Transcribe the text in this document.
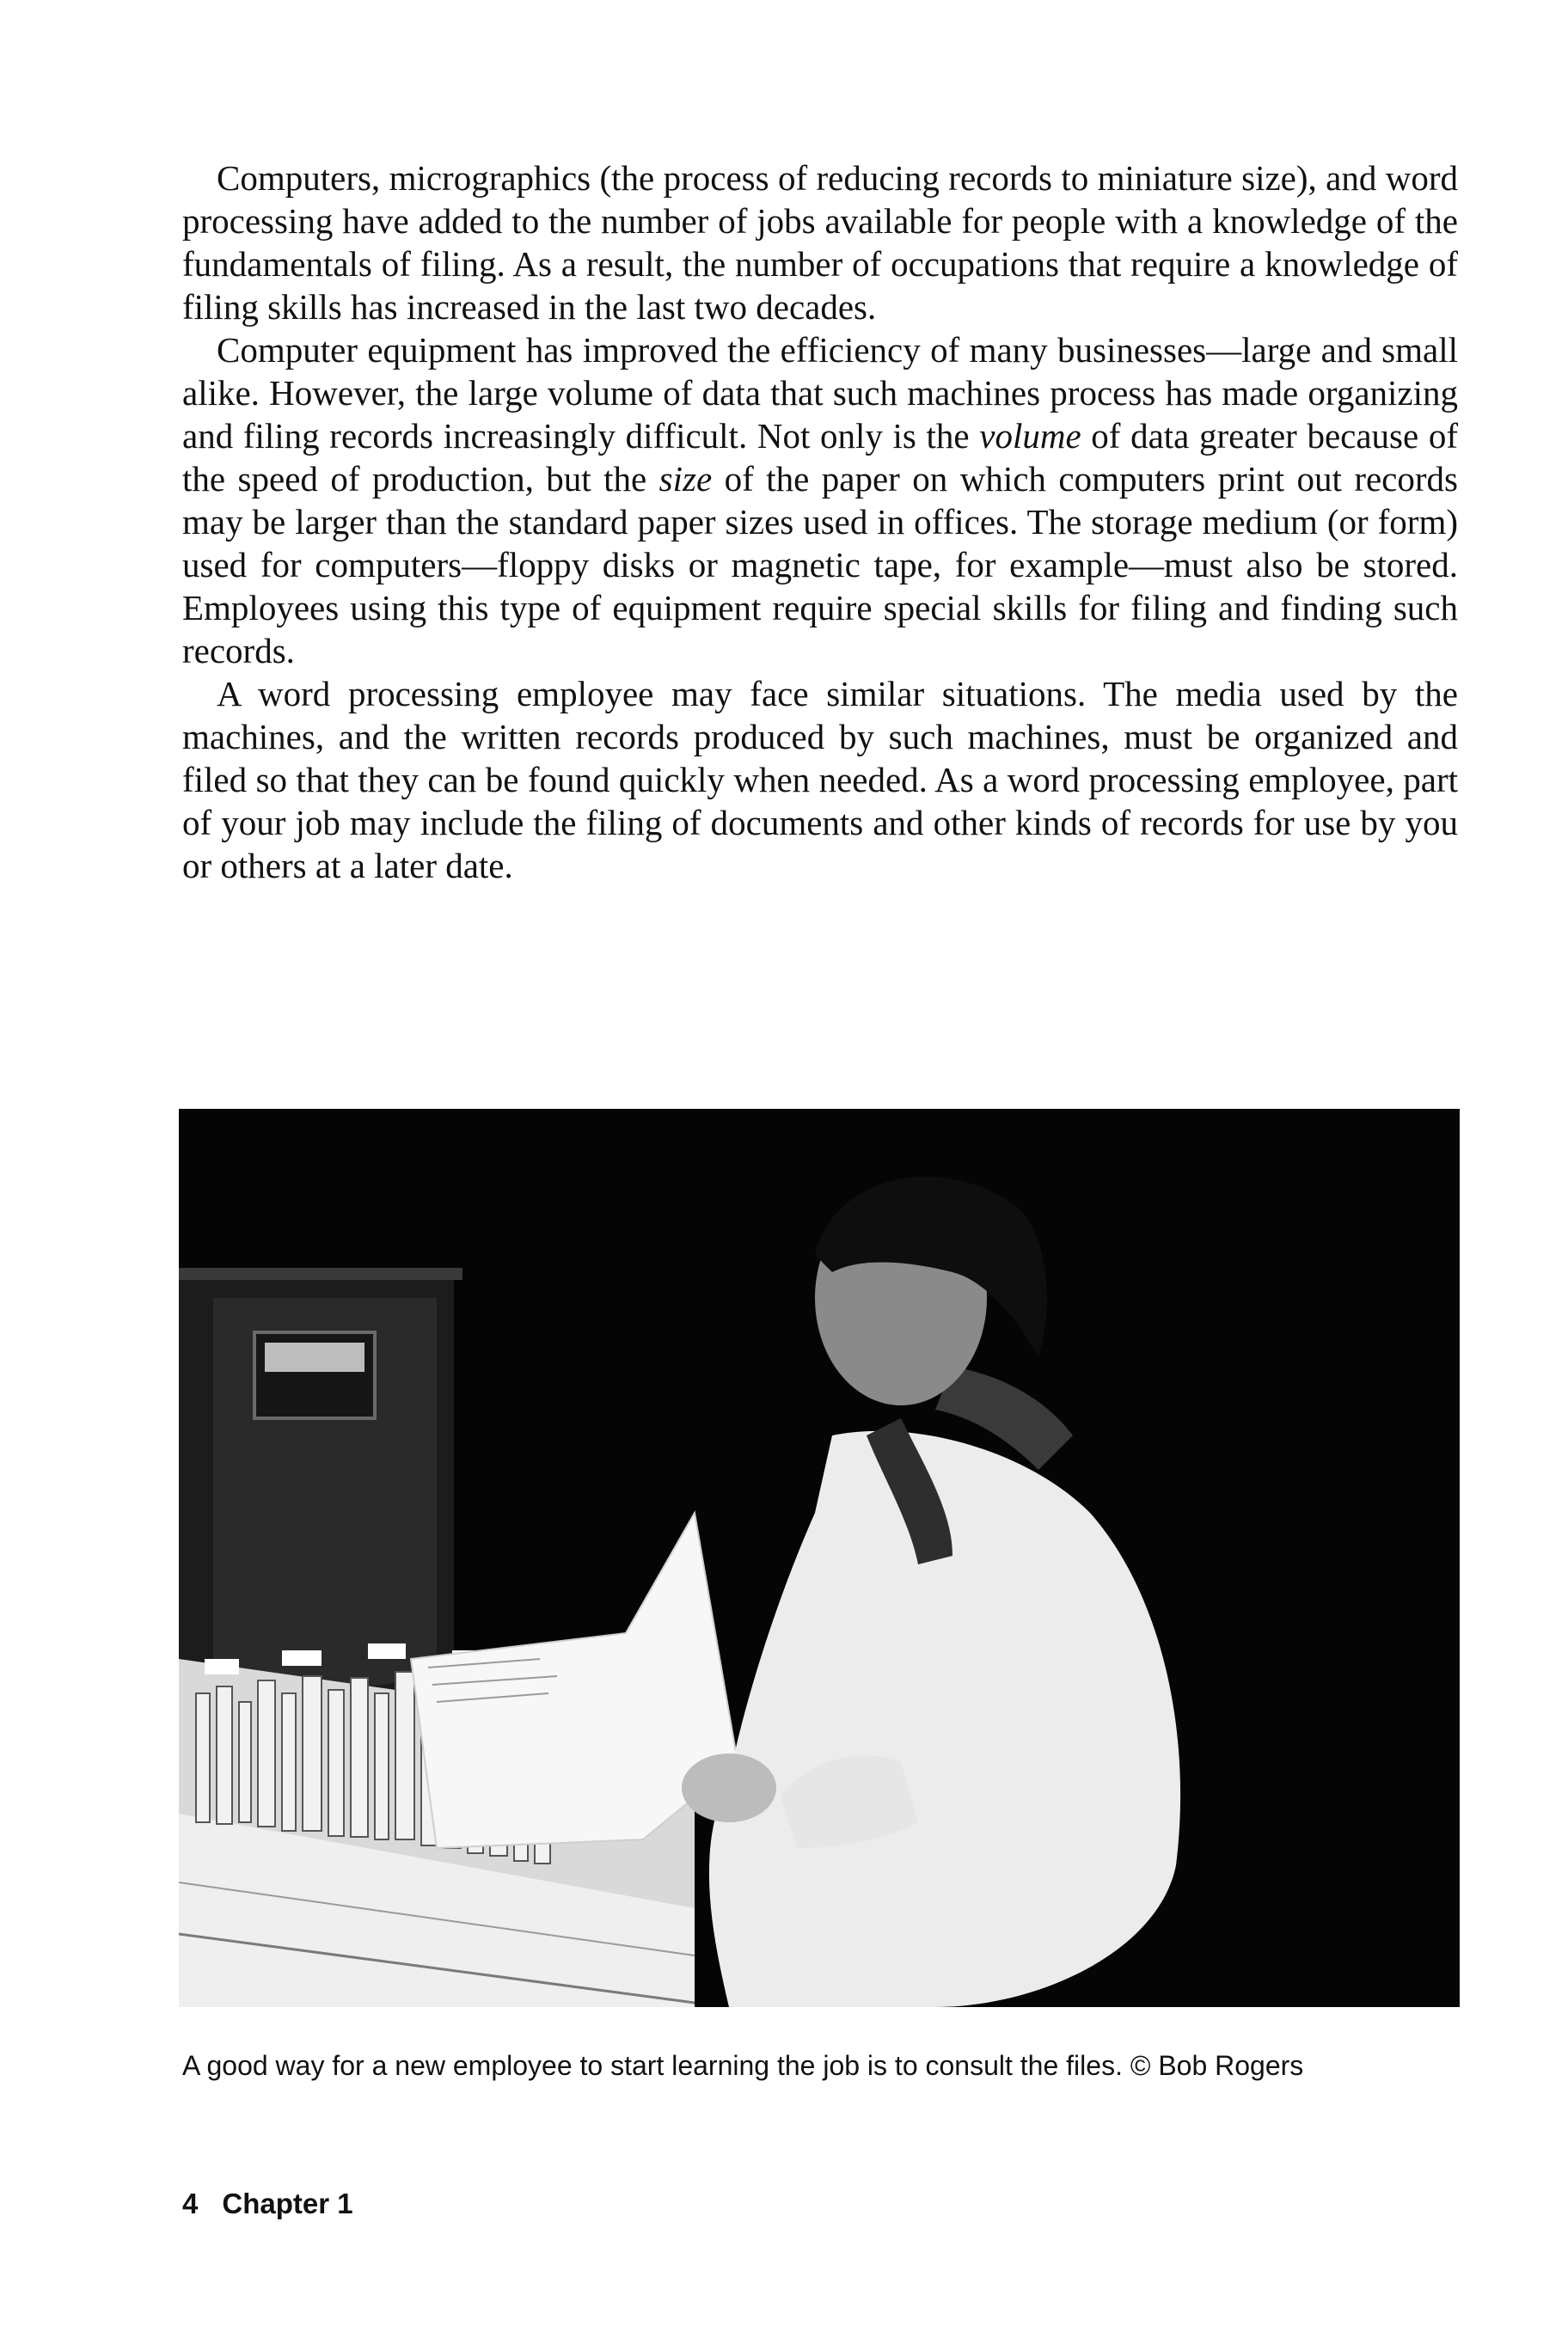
Computers, micrographics (the process of reducing records to miniature size), and word processing have added to the number of jobs available for people with a knowledge of the fundamentals of filing. As a result, the number of occupations that require a knowledge of filing skills has increased in the last two decades.

Computer equipment has improved the efficiency of many businesses—large and small alike. However, the large volume of data that such machines process has made organizing and filing records increasingly difficult. Not only is the volume of data greater because of the speed of production, but the size of the paper on which computers print out records may be larger than the standard paper sizes used in offices. The storage medium (or form) used for computers—floppy disks or magnetic tape, for example—must also be stored. Employees using this type of equipment require special skills for filing and finding such records.

A word processing employee may face similar situations. The media used by the machines, and the written records produced by such machines, must be organized and filed so that they can be found quickly when needed. As a word processing employee, part of your job may include the filing of documents and other kinds of records for use by you or others at a later date.

A good way for a new employee to start learning the job is to consult the files. © Bob Rogers
4 Chapter 1
